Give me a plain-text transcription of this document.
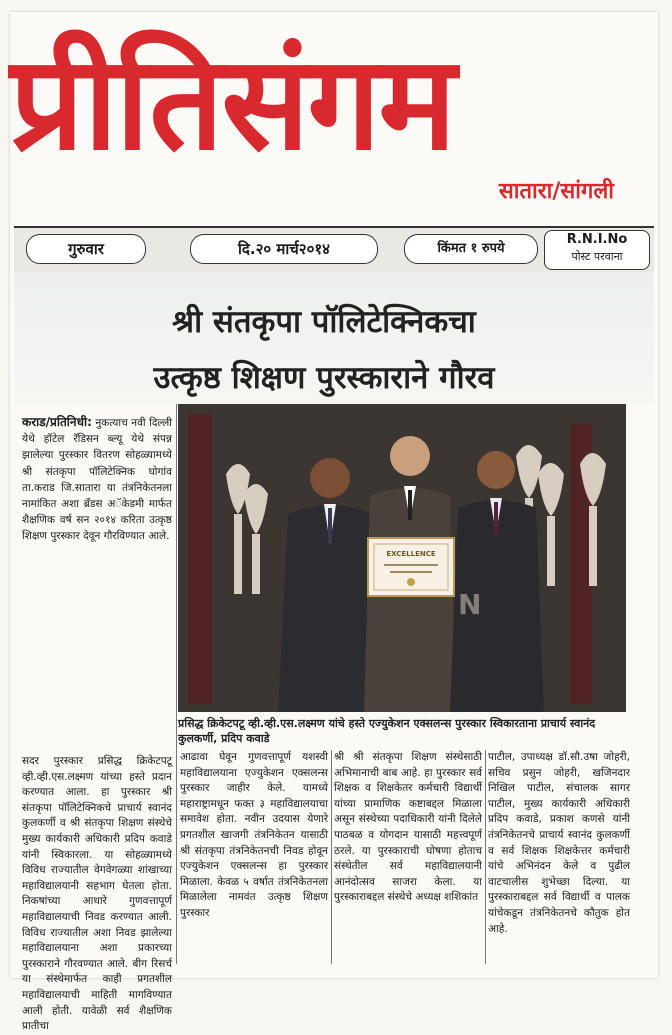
प्रीतिसंगम
सातारा/सांगली
गुरुवार	दि.२० मार्च२०१४	किंमत १ रुपये
R.N.I.No
पोस्ट परवाना
श्री संतकृपा पॉलिटेक्निकचा
उत्कृष्ठ शिक्षण पुरस्काराने गौरव
EXCELLENCE
N
प्रसिद्ध क्रिकेटपटू व्ही.व्ही.एस.लक्ष्मण यांचे हस्ते एज्युकेशन एक्सलन्स पुरस्कार स्विकारताना प्राचार्य स्वानंद कुलकर्णी, प्रदिप कवाडे
कराड/प्रतिनिधी: नुकत्याच नवी दिल्ली येथे हॉटेल रॅडिसन ब्ल्यू येथे संपन्न झालेल्या पुरस्कार वितरण सोहळ्यामध्ये श्री संतकृपा पॉलिटेक्निक घोगांव ता.कराड जि.सातारा या तंत्रनिकेतनला नामांकित अशा ब्रँडस अॅकेडमी मार्फत शैक्षणिक वर्ष सन २०१४ करिता उत्कृष्ठ शिक्षण पुरस्कार देवून गौरविण्यात आले.
सदर पुरस्कार प्रसिद्ध क्रिकेटपटू व्ही.व्ही.एस.लक्ष्मण यांच्या हस्ते प्रदान करण्यात आला. हा पुरस्कार श्री संतकृपा पॉलिटेक्निकचे प्राचार्य स्वानंद कुलकर्णी व श्री संतकृपा शिक्षण संस्थेचे मुख्य कार्यकारी अधिकारी प्रदिप कवाडे यांनी स्विकारला. या सोहळ्यामध्ये विविध राज्यातील वेगवेगळ्या शांखाच्या महाविद्यालयानी सहभाग घेतला होता. निकषांच्या आधारे गुणवत्तापूर्ण महाविद्यालयाची निवड करण्यात आली. विविध राज्यातील अशा निवड झालेल्या महाविद्यालयाना अशा प्रकारच्या पुरस्काराने गौरवण्यात आले. बीग रिसर्च या संस्थेमार्फत काही प्रगतशील महाविद्यालयाची माहिती मागविण्यात आली होती. यावेळी सर्व शैक्षणिक प्रातीचा
आढावा घेवून गुणवत्तापूर्ण यशस्वी महाविद्यालयाना एज्युकेशन एक्सलन्स पुरस्कार जाहीर केले. यामध्ये महाराष्ट्रामधून फक्त ३ महाविद्यालयाचा समावेश होता. नवीन उदयास येणारे प्रगतशील खाजगी तंत्रनिकेतन यासाठी श्री संतकृपा तंत्रनिकेतनची निवड होवून एज्युकेशन एक्सलन्स हा पुरस्कार मिळाला. केवळ ५ वर्षात तंत्रनिकेतनला मिळालेला नामवंत उत्कृष्ठ शिक्षण पुरस्कार
श्री श्री संतकृपा शिक्षण संस्थेसाठी अभिमानाची बाब आहे. हा पुरस्कार सर्व शिक्षक व शिक्षकेतर कर्मचारी विद्यार्थी यांच्या प्रामाणिक कष्टाबद्दल मिळाला असून संस्थेच्या पदाधिकारी यांनी दिलेले पाठबळ व योगदान यासाठी महत्त्वपूर्ण ठरले. या पुरस्काराची घोषणा होताच संस्थेतील सर्व महाविद्यालयानी आनंदोत्सव साजरा केला. या पुरस्काराबद्दल संस्थेचे अध्यक्ष शशिकांत
पाटील, उपाध्यक्ष डॉ.सौ.उषा जोहरी, सचिव प्रसुन जोहरी, खजिनदार निखिल पाटील, संचालक सागर पाटील, मुख्य कार्यकारी अधिकारी प्रदिप कवाडे, प्रकाश कणसे यांनी तंत्रनिकेतनचे प्राचार्य स्वानंद कुलकर्णी व सर्व शिक्षक शिक्षकेत्तर कर्मचारी यांचे अभिनंदन केले व पुढील वाटचालीस शुभेच्छा दिल्या. या पुरस्काराबद्दल सर्व विद्यार्थी व पालक यांचेकडून तंत्रनिकेतनचे कौतुक होत आहे.
